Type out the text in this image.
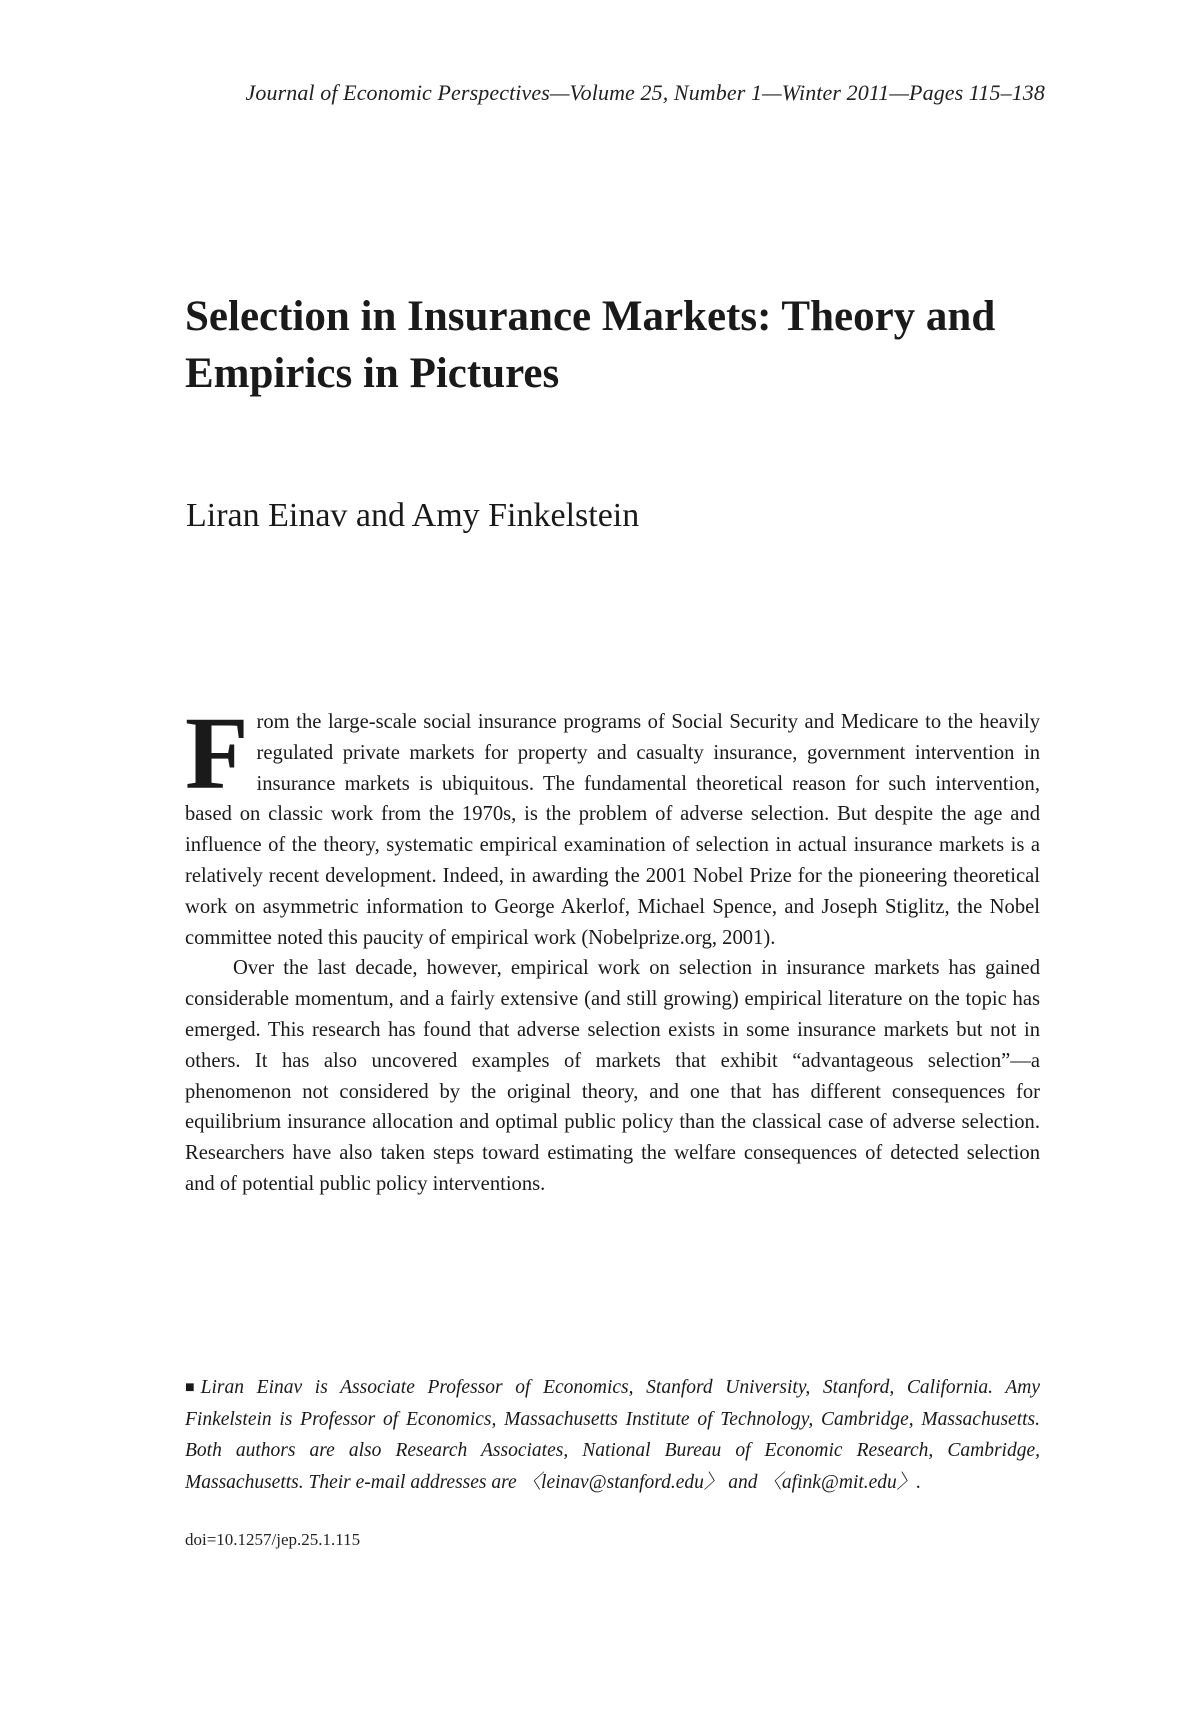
Journal of Economic Perspectives—Volume 25, Number 1—Winter 2011—Pages 115–138
Selection in Insurance Markets: Theory and Empirics in Pictures
Liran Einav and Amy Finkelstein

From the large-scale social insurance programs of Social Security and Medicare to the heavily regulated private markets for property and casualty insurance, government intervention in insurance markets is ubiquitous. The fundamental theoretical reason for such intervention, based on classic work from the 1970s, is the problem of adverse selection. But despite the age and influence of the theory, systematic empirical examination of selection in actual insurance markets is a relatively recent development. Indeed, in awarding the 2001 Nobel Prize for the pioneering theoretical work on asymmetric information to George Akerlof, Michael Spence, and Joseph Stiglitz, the Nobel committee noted this paucity of empirical work (Nobelprize.org, 2001).

Over the last decade, however, empirical work on selection in insurance markets has gained considerable momentum, and a fairly extensive (and still growing) empirical literature on the topic has emerged. This research has found that adverse selection exists in some insurance markets but not in others. It has also uncovered examples of markets that exhibit “advantageous selection”—a phenomenon not considered by the original theory, and one that has different consequences for equilibrium insurance allocation and optimal public policy than the classical case of adverse selection. Researchers have also taken steps toward estimating the welfare consequences of detected selection and of potential public policy interventions.

■ Liran Einav is Associate Professor of Economics, Stanford University, Stanford, California. Amy Finkelstein is Professor of Economics, Massachusetts Institute of Technology, Cambridge, Massachusetts. Both authors are also Research Associates, National Bureau of Economic Research, Cambridge, Massachusetts. Their e-mail addresses are 〈leinav@stanford.edu〉 and 〈afink@mit.edu〉.
doi=10.1257/jep.25.1.115
